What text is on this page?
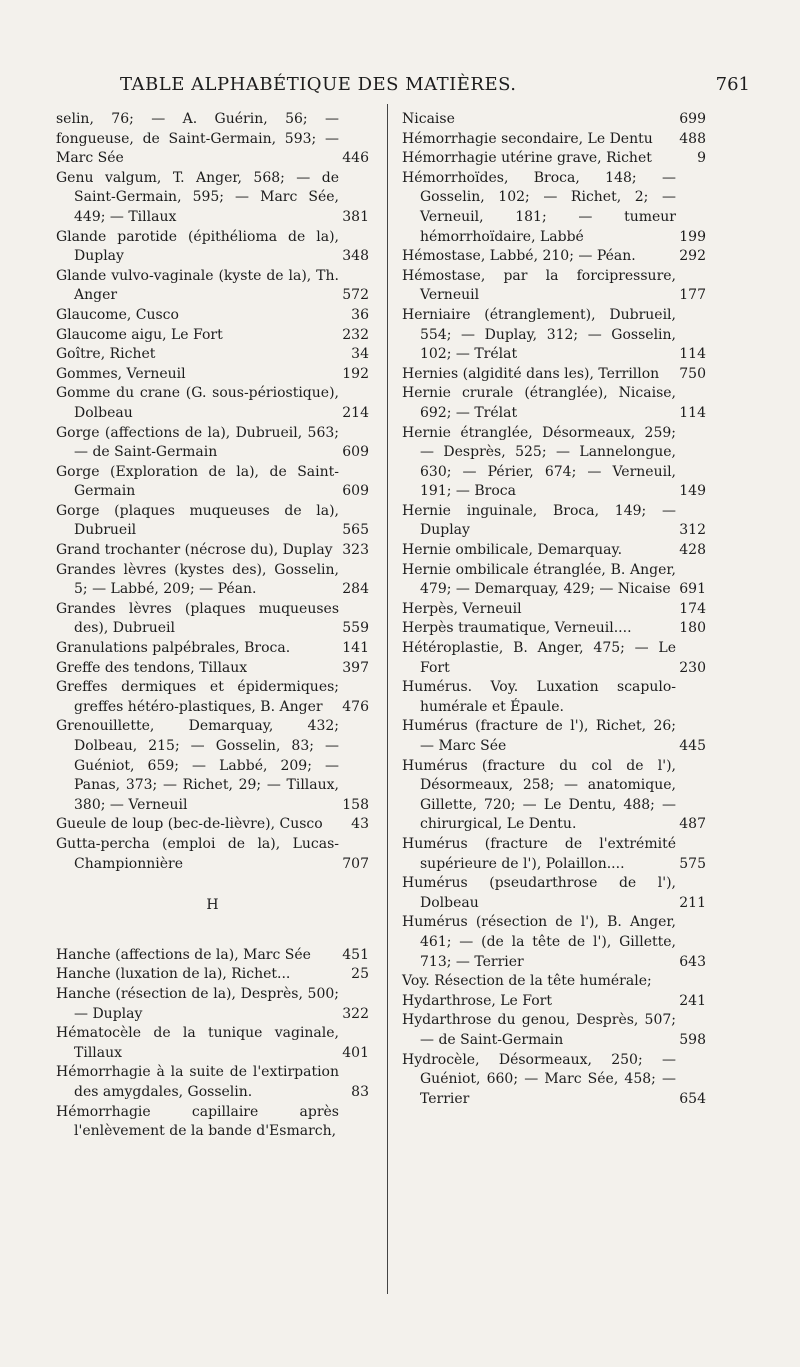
TABLE ALPHABÉTIQUE DES MATIÈRES.	761
selin, 76; — A. Guérin, 56; — fongueuse, de Saint-Germain, 593; — Marc Sée	446
Genu valgum, T. Anger, 568; — de Saint-Germain, 595; — Marc Sée, 449; — Tillaux	381
Glande parotide (épithélioma de la), Duplay	348
Glande vulvo-vaginale (kyste de la), Th. Anger	572
Glaucome, Cusco	36
Glaucome aigu, Le Fort	232
Goître, Richet	34
Gommes, Verneuil	192
Gomme du crane (G. sous-périostique), Dolbeau	214
Gorge (affections de la), Dubrueil, 563; — de Saint-Germain	609
Gorge (Exploration de la), de Saint-Germain	609
Gorge (plaques muqueuses de la), Dubrueil	565
Grand trochanter (nécrose du), Duplay 323
Grandes lèvres (kystes des), Gosselin, 5; — Labbé, 209; — Péan.	284
Grandes lèvres (plaques muqueuses des), Dubrueil	559
Granulations palpébrales, Broca.	141
Greffe des tendons, Tillaux	397
Greffes dermiques et épidermiques; greffes hétéro-plastiques, B. Anger 476
Grenouillette, Demarquay, 432; Dolbeau, 215; — Gosselin, 83; — Guéniot, 659; — Labbé, 209; — Panas, 373; — Richet, 29; — Tillaux, 380; — Verneuil	158
Gueule de loup (bec-de-lièvre), Cusco 43
Gutta-percha (emploi de la), Lucas-Championnière	707
H
Hanche (affections de la), Marc Sée 451
Hanche (luxation de la), Richet...	25
Hanche (résection de la), Desprès, 500; — Duplay	322
Hématocèle de la tunique vaginale, Tillaux	401
Hémorrhagie à la suite de l'extirpation des amygdales, Gosselin.	83
Hémorrhagie capillaire après l'enlèvement de la bande d'Esmarch,
Nicaise	699
Hémorrhagie secondaire, Le Dentu 488
Hémorrhagie utérine grave, Richet	9
Hémorrhoïdes, Broca, 148; — Gosselin, 102; — Richet, 2; — Verneuil, 181; — tumeur hémorrhoïdaire, Labbé	199
Hémostase, Labbé, 210; — Péan.	292
Hémostase, par la forcipressure, Verneuil	177
Herniaire (étranglement), Dubrueil, 554; — Duplay, 312; — Gosselin, 102; — Trélat	114
Hernies (algidité dans les), Terrillon 750
Hernie crurale (étranglée), Nicaise, 692; — Trélat	114
Hernie étranglée, Désormeaux, 259; — Desprès, 525; — Lannelongue, 630; — Périer, 674; — Verneuil, 191; — Broca	149
Hernie inguinale, Broca, 149; — Duplay	312
Hernie ombilicale, Demarquay.	428
Hernie ombilicale étranglée, B. Anger, 479; — Demarquay, 429; — Nicaise 691
Herpès, Verneuil	174
Herpès traumatique, Verneuil....	180
Hétéroplastie, B. Anger, 475; — Le Fort	230
Humérus. Voy. Luxation scapulo-humérale et Épaule.
Humérus (fracture de l'), Richet, 26; — Marc Sée	445
Humérus (fracture du col de l'), Désormeaux, 258; — anatomique, Gillette, 720; — Le Dentu, 488; — chirurgical, Le Dentu.	487
Humérus (fracture de l'extrémité supérieure de l'), Polaillon....	575
Humérus (pseudarthrose de l'), Dolbeau	211
Humérus (résection de l'), B. Anger, 461; — (de la tête de l'), Gillette, 713; — Terrier	643
Voy. Résection de la tête humérale;
Hydarthrose, Le Fort	241
Hydarthrose du genou, Desprès, 507; — de Saint-Germain	598
Hydrocèle, Désormeaux, 250; — Guéniot, 660; — Marc Sée, 458; — Terrier	654
